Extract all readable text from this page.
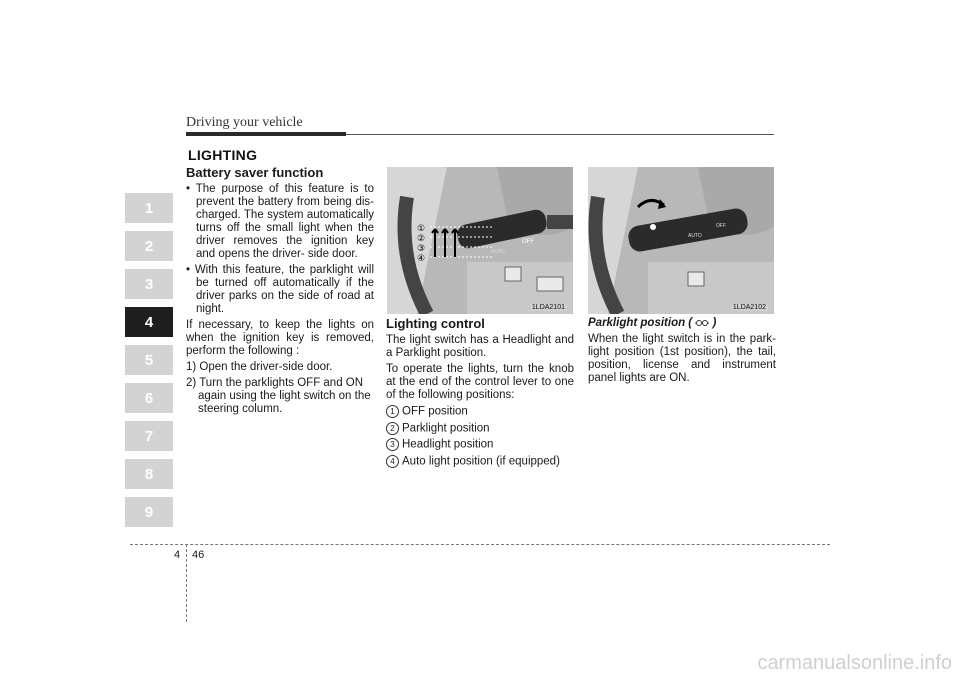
Driving your vehicle
LIGHTING
1
2
3
4
5
6
7
8
9
Battery saver function
• The purpose of this feature is to prevent the battery from being dis-charged. The system automatically turns off the small light when the driver removes the ignition key and opens the driver- side door.
• With this feature, the parklight will be turned off automatically if the driver parks on the side of road at night.
If necessary, to keep the lights on when the ignition key is removed, perform the following :
1) Open the driver-side door.
2) Turn the parklights OFF and ON again using the light switch on the steering column.
OFF
AUTO
①
②
③
④
1LDA2101
AUTO
OFF
1LDA2102
Lighting control
The light switch has a Headlight and a Parklight position.
To operate the lights, turn the knob at the end of the control lever to one of the following positions:
1 OFF position
2 Parklight position
3 Headlight position
4 Auto light position (if equipped)
Parklight position ( )
When the light switch is in the park-light position (1st position), the tail, position, license and instrument panel lights are ON.
4 46
carmanualsonline.info
